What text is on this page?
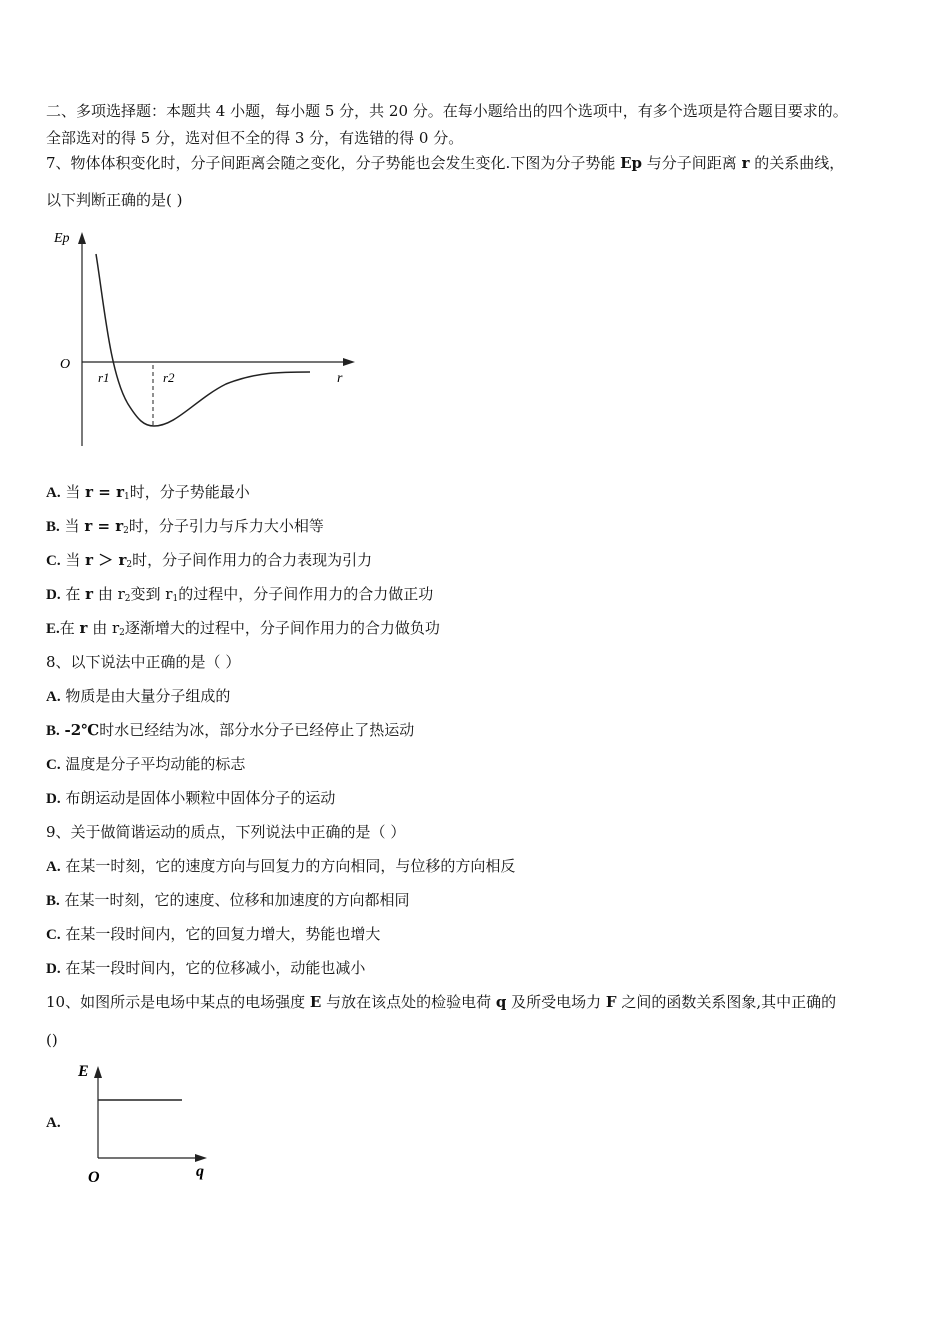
二、多项选择题：本题共 4 小题，每小题 5 分，共 20 分。在每小题给出的四个选项中，有多个选项是符合题目要求的。
全部选对的得 5 分，选对但不全的得 3 分，有选错的得 0 分。
7、物体体积变化时，分子间距离会随之变化，分子势能也会发生变化.下图为分子势能 Ep 与分子间距离 r 的关系曲线，
以下判断正确的是( )
Ep
O
r1	r2	r
A. 当 $r = r_1$时，分子势能最小
B. 当 $r = r_2$时，分子引力与斥力大小相等
C. 当 $r > r_2$时，分子间作用力的合力表现为引力
D. 在 r 由 $r_2$变到 $r_1$的过程中，分子间作用力的合力做正功
E.在 r 由 $r_2$逐渐增大的过程中，分子间作用力的合力做负功
8、以下说法中正确的是（ ）
A. 物质是由大量分子组成的
B. -2℃时水已经结为冰，部分水分子已经停止了热运动
C. 温度是分子平均动能的标志
D. 布朗运动是固体小颗粒中固体分子的运动
9、关于做简谐运动的质点，下列说法中正确的是（ ）
A. 在某一时刻，它的速度方向与回复力的方向相同，与位移的方向相反
B. 在某一时刻，它的速度、位移和加速度的方向都相同
C. 在某一段时间内，它的回复力增大，势能也增大
D. 在某一段时间内，它的位移减小，动能也减小
10、如图所示是电场中某点的电场强度 E 与放在该点处的检验电荷 q 及所受电场力 F 之间的函数关系图象,其中正确的
()
A.
E
O	q
